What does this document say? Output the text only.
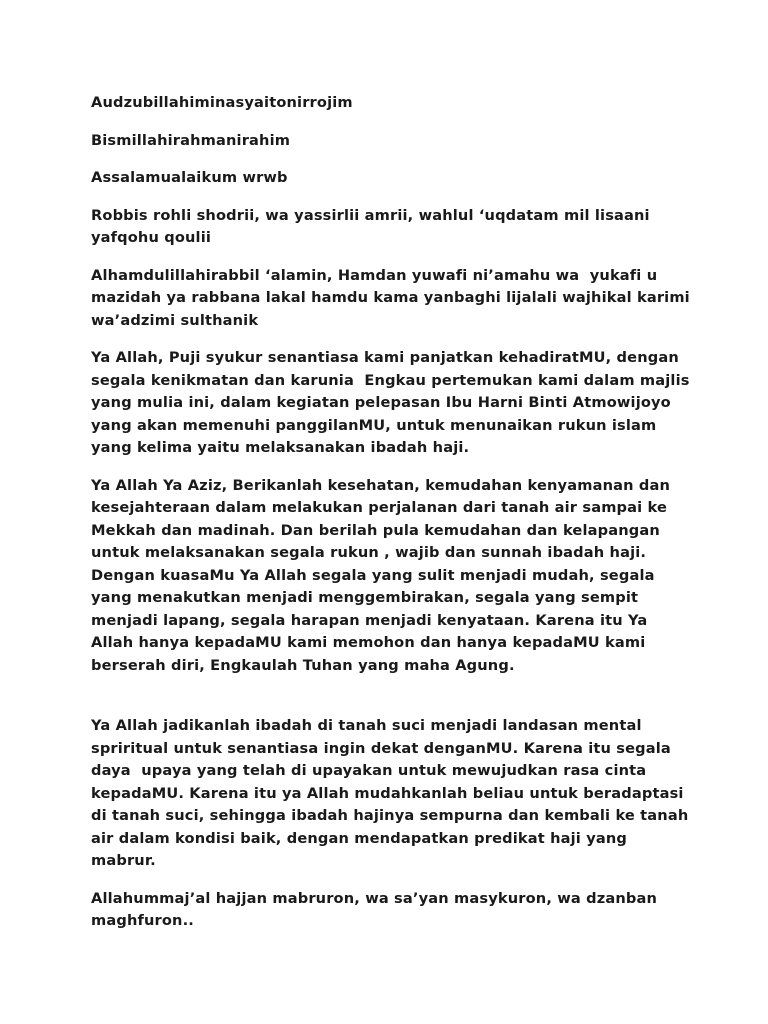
Audzubillahiminasyaitonirrojim

Bismillahirahmanirahim

Assalamualaikum wrwb

Robbis rohli shodrii, wa yassirlii amrii, wahlul ‘uqdatam mil lisaani yafqohu qoulii

Alhamdulillahirabbil ‘alamin, Hamdan yuwafi ni’amahu wa  yukafi u mazidah ya rabbana lakal hamdu kama yanbaghi lijalali wajhikal karimi wa’adzimi sulthanik

Ya Allah, Puji syukur senantiasa kami panjatkan kehadiratMU, dengan segala kenikmatan dan karunia  Engkau pertemukan kami dalam majlis yang mulia ini, dalam kegiatan pelepasan Ibu Harni Binti Atmowijoyo yang akan memenuhi panggilanMU, untuk menunaikan rukun islam yang kelima yaitu melaksanakan ibadah haji.

Ya Allah Ya Aziz, Berikanlah kesehatan, kemudahan kenyamanan dan kesejahteraan dalam melakukan perjalanan dari tanah air sampai ke Mekkah dan madinah. Dan berilah pula kemudahan dan kelapangan untuk melaksanakan segala rukun , wajib dan sunnah ibadah haji. Dengan kuasaMu Ya Allah segala yang sulit menjadi mudah, segala yang menakutkan menjadi menggembirakan, segala yang sempit menjadi lapang, segala harapan menjadi kenyataan. Karena itu Ya Allah hanya kepadaMU kami memohon dan hanya kepadaMU kami berserah diri, Engkaulah Tuhan yang maha Agung.

Ya Allah jadikanlah ibadah di tanah suci menjadi landasan mental spriritual untuk senantiasa ingin dekat denganMU. Karena itu segala daya  upaya yang telah di upayakan untuk mewujudkan rasa cinta kepadaMU. Karena itu ya Allah mudahkanlah beliau untuk beradaptasi di tanah suci, sehingga ibadah hajinya sempurna dan kembali ke tanah air dalam kondisi baik, dengan mendapatkan predikat haji yang mabrur.

Allahummaj’al hajjan mabruron, wa sa’yan masykuron, wa dzanban maghfuron..
